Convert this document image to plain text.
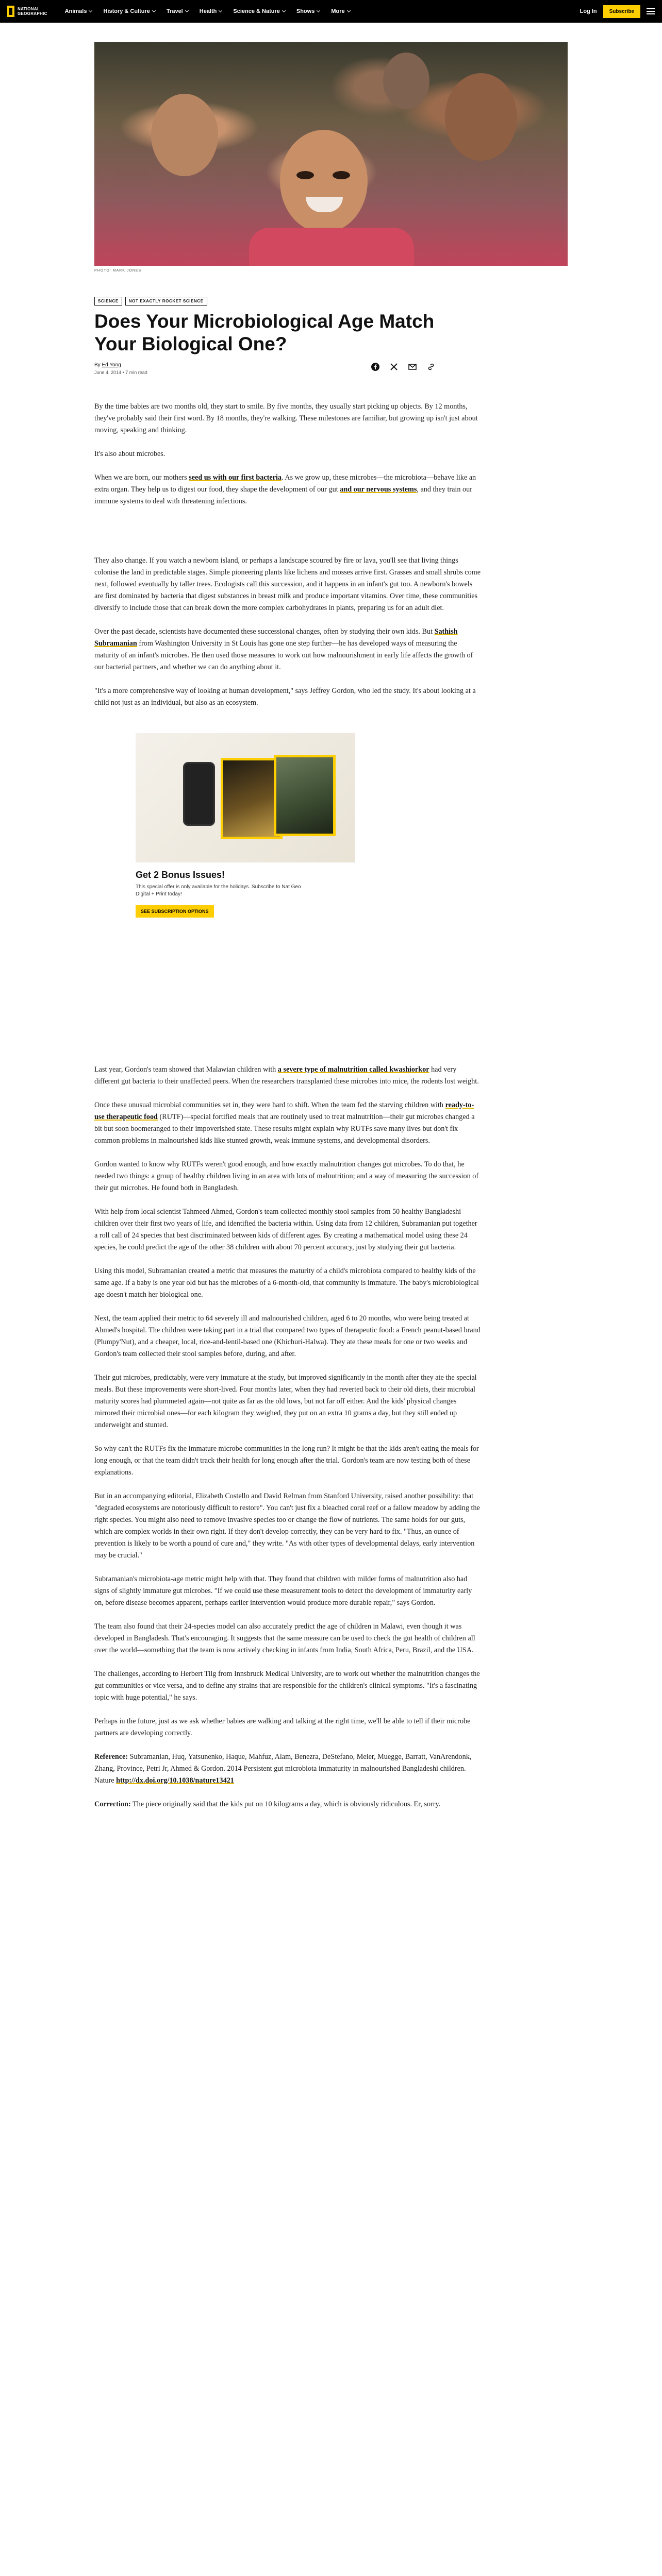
NATIONAL
GEOGRAPHIC	Animals	History & Culture	Travel	Health	Science & Nature	Shows	More	Log In	Subscribe
PHOTO: MARK JONES
SCIENCE	NOT EXACTLY ROCKET SCIENCE
Does Your Microbiological Age Match Your Biological One?
By Ed Yong
June 4, 2014 • 7 min read

By the time babies are two months old, they start to smile. By five months, they usually start picking up objects. By 12 months, they've probably said their first word. By 18 months, they're walking. These milestones are familiar, but growing up isn't just about moving, speaking and thinking.

It's also about microbes.

When we are born, our mothers seed us with our first bacteria. As we grow up, these microbes—the microbiota—behave like an extra organ. They help us to digest our food, they shape the development of our gut and our nervous systems, and they train our immune systems to deal with threatening infections.

They also change. If you watch a newborn island, or perhaps a landscape scoured by fire or lava, you'll see that living things colonise the land in predictable stages. Simple pioneering plants like lichens and mosses arrive first. Grasses and small shrubs come next, followed eventually by taller trees. Ecologists call this succession, and it happens in an infant's gut too. A newborn's bowels are first dominated by bacteria that digest substances in breast milk and produce important vitamins. Over time, these communities diversify to include those that can break down the more complex carbohydrates in plants, preparing us for an adult diet.

Over the past decade, scientists have documented these successional changes, often by studying their own kids. But Sathish Subramanian from Washington University in St Louis has gone one step further—he has developed ways of measuring the maturity of an infant's microbes. He then used those measures to work out how malnourishment in early life affects the growth of our bacterial partners, and whether we can do anything about it.

"It's a more comprehensive way of looking at human development," says Jeffrey Gordon, who led the study. It's about looking at a child not just as an individual, but also as an ecosystem.

Get 2 Bonus Issues!
This special offer is only available for the holidays. Subscribe to Nat Geo Digital + Print today!
SEE SUBSCRIPTION OPTIONS

Last year, Gordon's team showed that Malawian children with a severe type of malnutrition called kwashiorkor had very different gut bacteria to their unaffected peers. When the researchers transplanted these microbes into mice, the rodents lost weight.

Once these unusual microbial communities set in, they were hard to shift. When the team fed the starving children with ready-to-use therapeutic food (RUTF)—special fortified meals that are routinely used to treat malnutrition—their gut microbes changed a bit but soon boomeranged to their impoverished state. These results might explain why RUTFs save many lives but don't fix common problems in malnourished kids like stunted growth, weak immune systems, and developmental disorders.

Gordon wanted to know why RUTFs weren't good enough, and how exactly malnutrition changes gut microbes. To do that, he needed two things: a group of healthy children living in an area with lots of malnutrition; and a way of measuring the succession of their gut microbes. He found both in Bangladesh.

With help from local scientist Tahmeed Ahmed, Gordon's team collected monthly stool samples from 50 healthy Bangladeshi children over their first two years of life, and identified the bacteria within. Using data from 12 children, Subramanian put together a roll call of 24 species that best discriminated between kids of different ages. By creating a mathematical model using these 24 species, he could predict the age of the other 38 children with about 70 percent accuracy, just by studying their gut bacteria.

Using this model, Subramanian created a metric that measures the maturity of a child's microbiota compared to healthy kids of the same age. If a baby is one year old but has the microbes of a 6-month-old, that community is immature. The baby's microbiological age doesn't match her biological one.

Next, the team applied their metric to 64 severely ill and malnourished children, aged 6 to 20 months, who were being treated at Ahmed's hospital. The children were taking part in a trial that compared two types of therapeutic food: a French peanut-based brand (Plumpy'Nut), and a cheaper, local, rice-and-lentil-based one (Khichuri-Halwa). They ate these meals for one or two weeks and Gordon's team collected their stool samples before, during, and after.

Their gut microbes, predictably, were very immature at the study, but improved significantly in the month after they ate the special meals. But these improvements were short-lived. Four months later, when they had reverted back to their old diets, their microbial maturity scores had plummeted again—not quite as far as the old lows, but not far off either. And the kids' physical changes mirrored their microbial ones—for each kilogram they weighed, they put on an extra 10 grams a day, but they still ended up underweight and stunted.

So why can't the RUTFs fix the immature microbe communities in the long run? It might be that the kids aren't eating the meals for long enough, or that the team didn't track their health for long enough after the trial. Gordon's team are now testing both of these explanations.

But in an accompanying editorial, Elizabeth Costello and David Relman from Stanford University, raised another possibility: that "degraded ecosystems are notoriously difficult to restore". You can't just fix a bleached coral reef or a fallow meadow by adding the right species. You might also need to remove invasive species too or change the flow of nutrients. The same holds for our guts, which are complex worlds in their own right. If they don't develop correctly, they can be very hard to fix. "Thus, an ounce of prevention is likely to be worth a pound of cure and," they write. "As with other types of developmental delays, early intervention may be crucial."

Subramanian's microbiota-age metric might help with that. They found that children with milder forms of malnutrition also had signs of slightly immature gut microbes. "If we could use these measurement tools to detect the development of immaturity early on, before disease becomes apparent, perhaps earlier intervention would produce more durable repair," says Gordon.

The team also found that their 24-species model can also accurately predict the age of children in Malawi, even though it was developed in Bangladesh. That's encouraging. It suggests that the same measure can be used to check the gut health of children all over the world—something that the team is now actively checking in infants from India, South Africa, Peru, Brazil, and the USA.

The challenges, according to Herbert Tilg from Innsbruck Medical University, are to work out whether the malnutrition changes the gut communities or vice versa, and to define any strains that are responsible for the children's clinical symptoms. "It's a fascinating topic with huge potential," he says.

Perhaps in the future, just as we ask whether babies are walking and talking at the right time, we'll be able to tell if their microbe partners are developing correctly.

Reference: Subramanian, Huq, Yatsunenko, Haque, Mahfuz, Alam, Benezra, DeStefano, Meier, Muegge, Barratt, VanArendonk, Zhang, Province, Petri Jr, Ahmed & Gordon. 2014 Persistent gut microbiota immaturity in malnourished Bangladeshi children. Nature http://dx.doi.org/10.1038/nature13421

Correction: The piece originally said that the kids put on 10 kilograms a day, which is obviously ridiculous. Er, sorry.
